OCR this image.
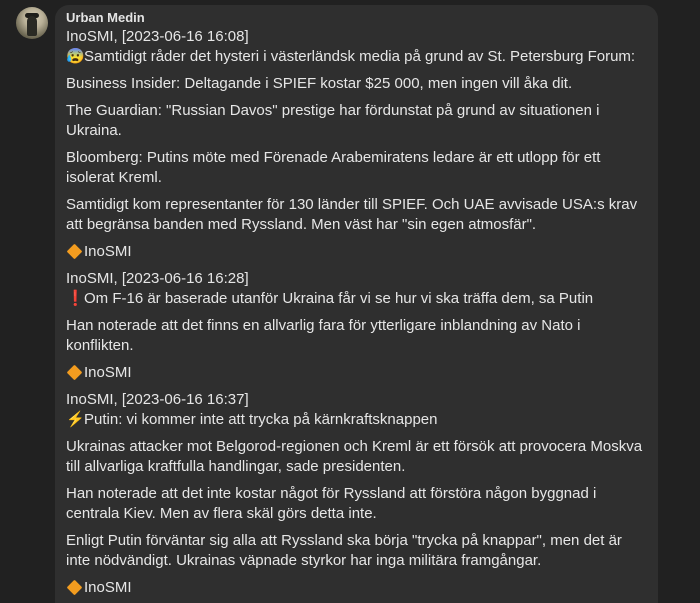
Urban Medin
InoSMI, [2023-06-16 16:08]
😰Samtidigt råder det hysteri i västerländsk media på grund av St. Petersburg Forum:
Business Insider: Deltagande i SPIEF kostar $25 000, men ingen vill åka dit.
The Guardian: "Russian Davos" prestige har fördunstat på grund av situationen i Ukraina.
Bloomberg: Putins möte med Förenade Arabemiratens ledare är ett utlopp för ett isolerat Kreml.
Samtidigt kom representanter för 130 länder till SPIEF. Och UAE avvisade USA:s krav att begränsa banden med Ryssland. Men väst har "sin egen atmosfär".
InoSMI
InoSMI, [2023-06-16 16:28]
❗Om F-16 är baserade utanför Ukraina får vi se hur vi ska träffa dem, sa Putin
Han noterade att det finns en allvarlig fara för ytterligare inblandning av Nato i konflikten.
InoSMI
InoSMI, [2023-06-16 16:37]
⚡Putin: vi kommer inte att trycka på kärnkraftsknappen
Ukrainas attacker mot Belgorod-regionen och Kreml är ett försök att provocera Moskva till allvarliga kraftfulla handlingar, sade presidenten.
Han noterade att det inte kostar något för Ryssland att förstöra någon byggnad i centrala Kiev. Men av flera skäl görs detta inte.
Enligt Putin förväntar sig alla att Ryssland ska börja "trycka på knappar", men det är inte nödvändigt. Ukrainas väpnade styrkor har inga militära framgångar.
InoSMI
